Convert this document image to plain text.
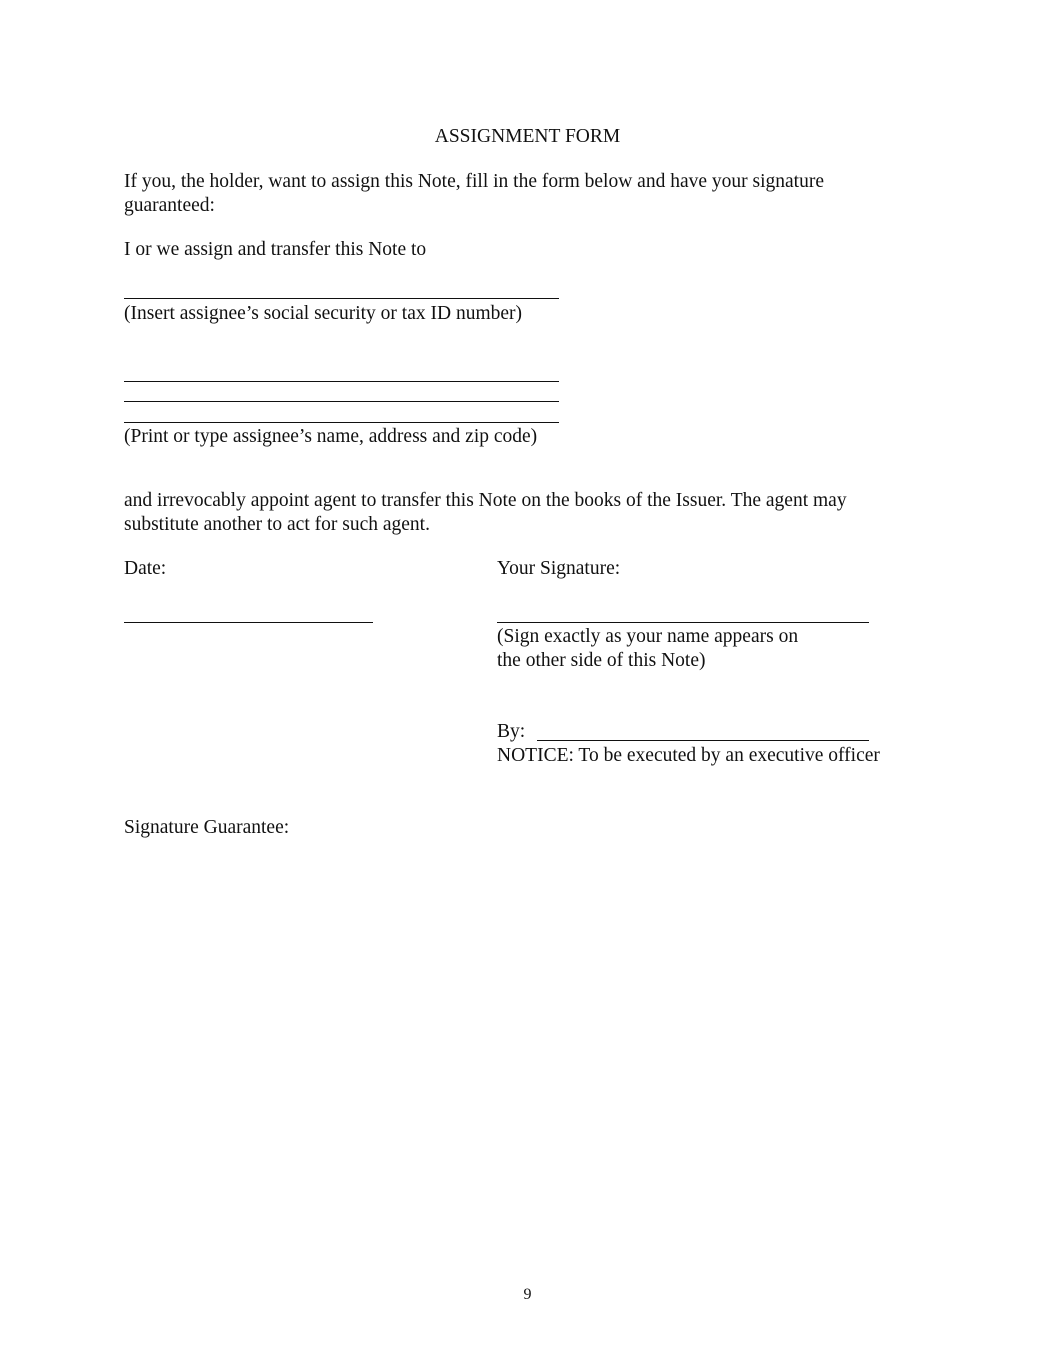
ASSIGNMENT FORM
If you, the holder, want to assign this Note, fill in the form below and have your signature
guaranteed:
I or we assign and transfer this Note to
(Insert assignee’s social security or tax ID number)
(Print or type assignee’s name, address and zip code)
and irrevocably appoint agent to transfer this Note on the books of the Issuer. The agent may
substitute another to act for such agent.
Date:	Your Signature:
(Sign exactly as your name appears on
the other side of this Note)
By:
NOTICE: To be executed by an executive officer
Signature Guarantee:
9
